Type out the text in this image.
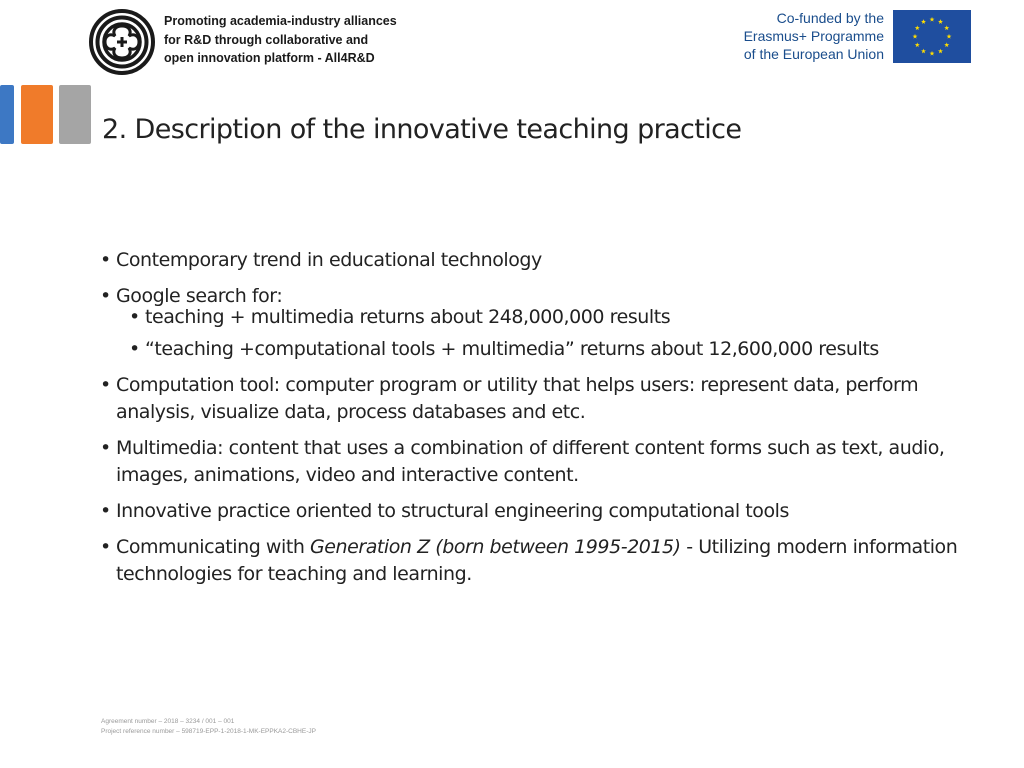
Promoting academia-industry alliances
for R&D through collaborative and
open innovation platform - All4R&D
Co-funded by the
Erasmus+ Programme
of the European Union
2. Description of the innovative teaching practice
• Contemporary trend in educational technology
• Google search for:
• teaching + multimedia returns about 248,000,000 results
• “teaching +computational tools + multimedia” returns about 12,600,000 results
• Computation tool: computer program or utility that helps users: represent data, perform analysis, visualize data, process databases and etc.
• Multimedia: content that uses a combination of different content forms such as text, audio, images, animations, video and interactive content.
• Innovative practice oriented to structural engineering computational tools
• Communicating with Generation Z (born between 1995-2015) - Utilizing modern information technologies for teaching and learning.
Agreement number – 2018 – 3234 / 001 – 001
Project reference number – 598719-EPP-1-2018-1-MK-EPPKA2-CBHE-JP
